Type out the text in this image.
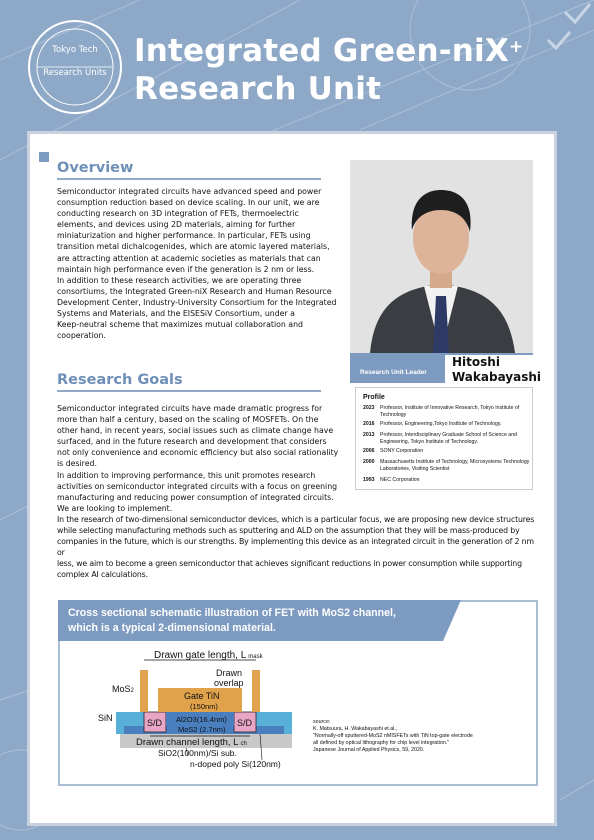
Tokyo Tech
Research Units
Integrated Green-niX+
Research Unit
Overview
Semiconductor integrated circuits have advanced speed and power
consumption reduction based on device scaling. In our unit, we are
conducting research on 3D integration of FETs, thermoelectric
elements, and devices using 2D materials, aiming for further
miniaturization and higher performance. In particular, FETs using
transition metal dichalcogenides, which are atomic layered materials,
are attracting attention at academic societies as materials that can
maintain high performance even if the generation is 2 nm or less.
In addition to these research activities, we are operating three
consortiums, the Integrated Green-niX Research and Human Resource
Development Center, Industry-University Consortium for the Integrated
Systems and Materials, and the EISESiV Consortium, under a
Keep-neutral scheme that maximizes mutual collaboration and
cooperation.
Research Goals
Semiconductor integrated circuits have made dramatic progress for
more than half a century, based on the scaling of MOSFETs. On the
other hand, in recent years, social issues such as climate change have
surfaced, and in the future research and development that considers
not only convenience and economic efficiency but also social rationality
is desired.
In addition to improving performance, this unit promotes research
activities on semiconductor integrated circuits with a focus on greening
manufacturing and reducing power consumption of integrated circuits.
We are looking to implement.
In the research of two-dimensional semiconductor devices, which is a particular focus, we are proposing new device structures
while selecting manufacturing methods such as sputtering and ALD on the assumption that they will be mass-produced by
companies in the future, which is our strengths. By implementing this device as an integrated circuit in the generation of 2 nm or
less, we aim to become a green semiconductor that achieves significant reductions in power consumption while supporting
complex AI calculations.
Research Unit Leader
Hitoshi
Wakabayashi
Profile
2023 Professor, Institute of Innovative Research, Tokyo Institute of Technology
2016 Professor, Engineering,Tokyo Institute of Technology.
2013 Professor, Interdisciplinary Graduate School of Science and Engineering, Tokyo Institute of Technology.
2006 SONY Corporation
2000 Massachusetts Institute of Technology, Microsystems Technology Laboratories, Visiting Scientist
1993 NEC Corporation
Cross sectional schematic illustration of FET with MoS2 channel,
which is a typical 2-dimensional material.
Drawn gate length, L mask
Drawn
overlap
MoS2	Gate TiN
(150nm)
SiN	S/D	S/D
Al2O3(16.4nm)
MoS2 (2.7nm)
Drawn channel length, L ch
SiO2(100nm)/Si sub.
n-doped poly Si(120nm)
source:
K. Matsuura, H. Wakabayashi et.al.,
"Normally-off sputtered-MoS2 nMISFETs with TiN top-gate electrode
all defined by optical lithography for chip level integration."
Japanese Journal of Applied Physics, 59, 2020.
